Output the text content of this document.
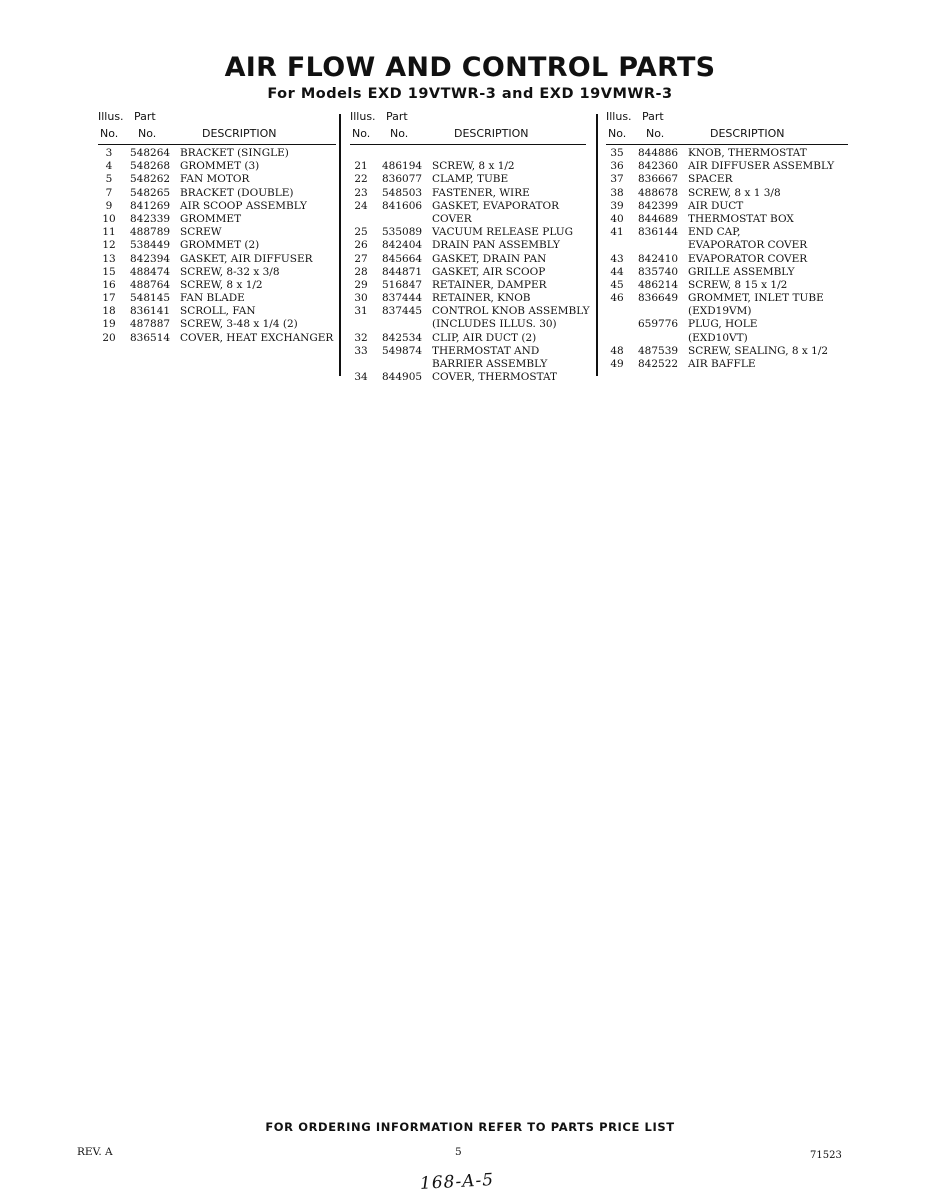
AIR FLOW AND CONTROL PARTS
For Models EXD 19VTWR-3 and EXD 19VMWR-3
Illus. Part
No. No.	DESCRIPTION
3	548264 BRACKET (SINGLE)
4	548268 GROMMET (3)
5	548262 FAN MOTOR
7	548265 BRACKET (DOUBLE)
9	841269 AIR SCOOP ASSEMBLY
10 842339 GROMMET
11 488789 SCREW
12 538449 GROMMET (2)
13 842394 GASKET, AIR DIFFUSER
15 488474 SCREW, 8-32 x 3/8
16 488764 SCREW, 8 x 1/2
17 548145 FAN BLADE
18 836141 SCROLL, FAN
19 487887 SCREW, 3-48 x 1/4 (2)
20 836514 COVER, HEAT EXCHANGER
Illus. Part
No. No.	DESCRIPTION
21 486194 SCREW, 8 x 1/2
22 836077 CLAMP, TUBE
23 548503 FASTENER, WIRE
24 841606 GASKET, EVAPORATOR
COVER
25 535089 VACUUM RELEASE PLUG
26 842404 DRAIN PAN ASSEMBLY
27 845664 GASKET, DRAIN PAN
28 844871 GASKET, AIR SCOOP
29 516847 RETAINER, DAMPER
30 837444 RETAINER, KNOB
31 837445 CONTROL KNOB ASSEMBLY
(INCLUDES ILLUS. 30)
32 842534 CLIP, AIR DUCT (2)
33 549874 THERMOSTAT AND
BARRIER ASSEMBLY
34 844905 COVER, THERMOSTAT
Illus. Part
No. No.	DESCRIPTION
35 844886 KNOB, THERMOSTAT
36 842360 AIR DIFFUSER ASSEMBLY
37 836667 SPACER
38 488678 SCREW, 8 x 1 3/8
39 842399 AIR DUCT
40 844689 THERMOSTAT BOX
41 836144 END CAP,
EVAPORATOR COVER
43 842410 EVAPORATOR COVER
44 835740 GRILLE ASSEMBLY
45 486214 SCREW, 8 15 x 1/2
46 836649 GROMMET, INLET TUBE
(EXD19VM)
659776 PLUG, HOLE
(EXD10VT)
48 487539 SCREW, SEALING, 8 x 1/2
49 842522 AIR BAFFLE
FOR ORDERING INFORMATION REFER TO PARTS PRICE LIST
REV. A	5	71523
168-A-5
